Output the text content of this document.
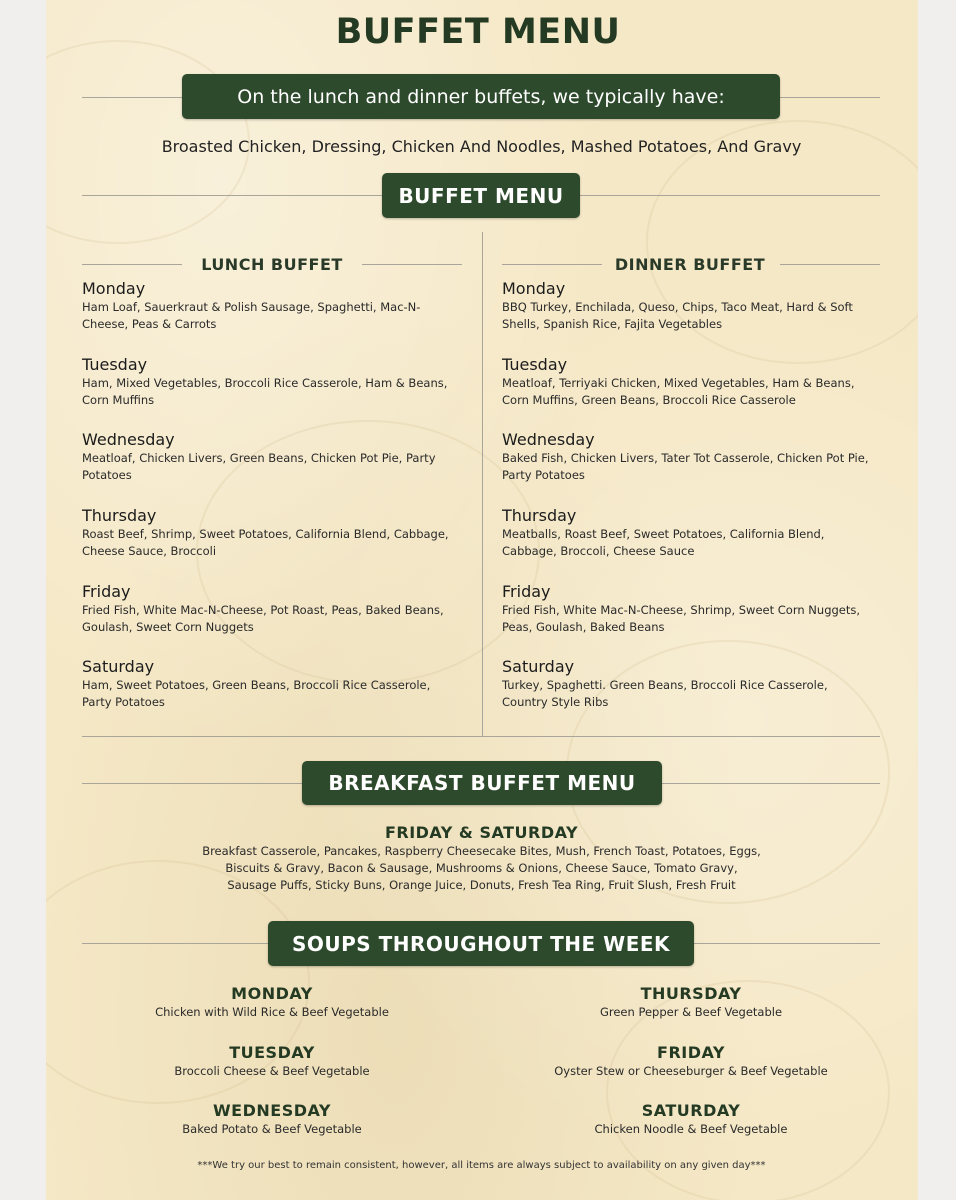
BUFFET MENU
On the lunch and dinner buffets, we typically have:
Broasted Chicken, Dressing, Chicken And Noodles, Mashed Potatoes, And Gravy
BUFFET MENU
LUNCH BUFFET
Monday
Ham Loaf, Sauerkraut & Polish Sausage, Spaghetti, Mac-N-
Cheese, Peas & Carrots
Tuesday
Ham, Mixed Vegetables, Broccoli Rice Casserole, Ham & Beans,
Corn Muffins
Wednesday
Meatloaf, Chicken Livers, Green Beans, Chicken Pot Pie, Party
Potatoes
Thursday
Roast Beef, Shrimp, Sweet Potatoes, California Blend, Cabbage,
Cheese Sauce, Broccoli
Friday
Fried Fish, White Mac-N-Cheese, Pot Roast, Peas, Baked Beans,
Goulash, Sweet Corn Nuggets
Saturday
Ham, Sweet Potatoes, Green Beans, Broccoli Rice Casserole,
Party Potatoes
DINNER BUFFET
Monday
BBQ Turkey, Enchilada, Queso, Chips, Taco Meat, Hard & Soft
Shells, Spanish Rice, Fajita Vegetables
Tuesday
Meatloaf, Terriyaki Chicken, Mixed Vegetables, Ham & Beans,
Corn Muffins, Green Beans, Broccoli Rice Casserole
Wednesday
Baked Fish, Chicken Livers, Tater Tot Casserole, Chicken Pot Pie,
Party Potatoes
Thursday
Meatballs, Roast Beef, Sweet Potatoes, California Blend,
Cabbage, Broccoli, Cheese Sauce
Friday
Fried Fish, White Mac-N-Cheese, Shrimp, Sweet Corn Nuggets,
Peas, Goulash, Baked Beans
Saturday
Turkey, Spaghetti. Green Beans, Broccoli Rice Casserole,
Country Style Ribs
BREAKFAST BUFFET MENU
FRIDAY & SATURDAY
Breakfast Casserole, Pancakes, Raspberry Cheesecake Bites, Mush, French Toast, Potatoes, Eggs,
Biscuits & Gravy, Bacon & Sausage, Mushrooms & Onions, Cheese Sauce, Tomato Gravy,
Sausage Puffs, Sticky Buns, Orange Juice, Donuts, Fresh Tea Ring, Fruit Slush, Fresh Fruit
SOUPS THROUGHOUT THE WEEK
MONDAY
Chicken with Wild Rice & Beef Vegetable
TUESDAY
Broccoli Cheese & Beef Vegetable
WEDNESDAY
Baked Potato & Beef Vegetable
THURSDAY
Green Pepper & Beef Vegetable
FRIDAY
Oyster Stew or Cheeseburger & Beef Vegetable
SATURDAY
Chicken Noodle & Beef Vegetable
***We try our best to remain consistent, however, all items are always subject to availability on any given day***
